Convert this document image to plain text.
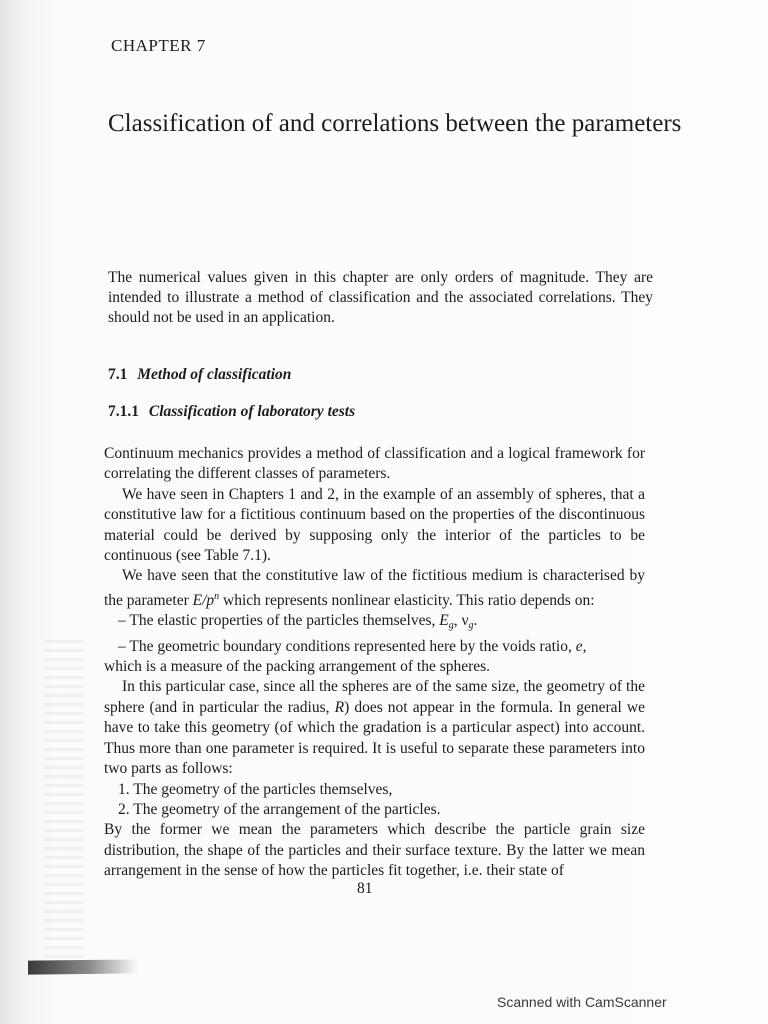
CHAPTER 7
Classification of and correlations between the parameters

The numerical values given in this chapter are only orders of magnitude. They are intended to illustrate a method of classification and the associated correlations. They should not be used in an application.

7.1 Method of classification
7.1.1 Classification of laboratory tests

Continuum mechanics provides a method of classification and a logical framework for correlating the different classes of parameters.

We have seen in Chapters 1 and 2, in the example of an assembly of spheres, that a constitutive law for a fictitious continuum based on the properties of the discontinuous material could be derived by supposing only the interior of the particles to be continuous (see Table 7.1).

We have seen that the constitutive law of the fictitious medium is characterised by the parameter $E/p^n$ which represents nonlinear elasticity. This ratio depends on:

– The elastic properties of the particles themselves, $E_g$, $\nu_g$.

– The geometric boundary conditions represented here by the voids ratio, e,

which is a measure of the packing arrangement of the spheres.

In this particular case, since all the spheres are of the same size, the geometry of the sphere (and in particular the radius, R) does not appear in the formula. In general we have to take this geometry (of which the gradation is a particular aspect) into account. Thus more than one parameter is required. It is useful to separate these parameters into two parts as follows:

1. The geometry of the particles themselves,

2. The geometry of the arrangement of the particles.

By the former we mean the parameters which describe the particle grain size distribution, the shape of the particles and their surface texture. By the latter we mean arrangement in the sense of how the particles fit together, i.e. their state of

81
Scanned with CamScanner
